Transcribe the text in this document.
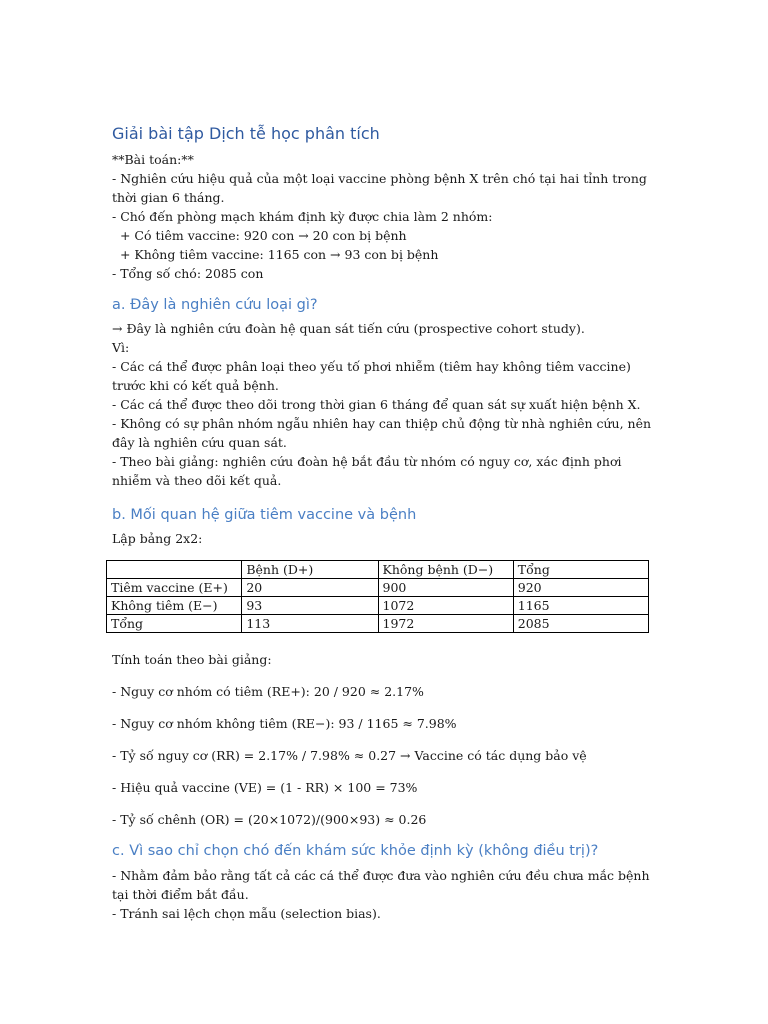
Giải bài tập Dịch tễ học phân tích
**Bài toán:**
- Nghiên cứu hiệu quả của một loại vaccine phòng bệnh X trên chó tại hai tỉnh trong thời gian 6 tháng.
- Chó đến phòng mạch khám định kỳ được chia làm 2 nhóm:
+ Có tiêm vaccine: 920 con → 20 con bị bệnh
+ Không tiêm vaccine: 1165 con → 93 con bị bệnh
- Tổng số chó: 2085 con
a. Đây là nghiên cứu loại gì?
→ Đây là nghiên cứu đoàn hệ quan sát tiến cứu (prospective cohort study).
Vì:
- Các cá thể được phân loại theo yếu tố phơi nhiễm (tiêm hay không tiêm vaccine) trước khi có kết quả bệnh.
- Các cá thể được theo dõi trong thời gian 6 tháng để quan sát sự xuất hiện bệnh X.
- Không có sự phân nhóm ngẫu nhiên hay can thiệp chủ động từ nhà nghiên cứu, nên đây là nghiên cứu quan sát.
- Theo bài giảng: nghiên cứu đoàn hệ bắt đầu từ nhóm có nguy cơ, xác định phơi nhiễm và theo dõi kết quả.
b. Mối quan hệ giữa tiêm vaccine và bệnh
Lập bảng 2x2:
	Bệnh (D+)	Không bệnh (D−)	Tổng
Tiêm vaccine (E+)	20	900	920
Không tiêm (E−)	93	1072	1165
Tổng	113	1972	2085
Tính toán theo bài giảng:
- Nguy cơ nhóm có tiêm (RE+): 20 / 920 ≈ 2.17%
- Nguy cơ nhóm không tiêm (RE−): 93 / 1165 ≈ 7.98%
- Tỷ số nguy cơ (RR) = 2.17% / 7.98% ≈ 0.27 → Vaccine có tác dụng bảo vệ
- Hiệu quả vaccine (VE) = (1 - RR) × 100 = 73%
- Tỷ số chênh (OR) = (20×1072)/(900×93) ≈ 0.26
c. Vì sao chỉ chọn chó đến khám sức khỏe định kỳ (không điều trị)?
- Nhằm đảm bảo rằng tất cả các cá thể được đưa vào nghiên cứu đều chưa mắc bệnh tại thời điểm bắt đầu.
- Tránh sai lệch chọn mẫu (selection bias).
